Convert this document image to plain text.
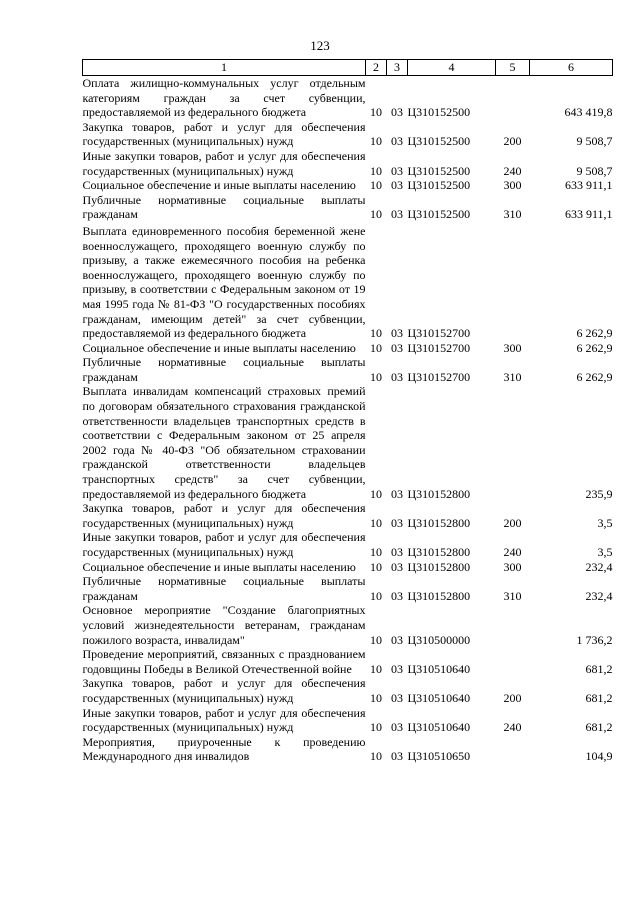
123
1	2	3	4	5	6
Оплата жилищно-коммунальных услуг отдельным категориям граждан за счет субвенции, предоставляемой из федерального бюджета	10	03	Ц310152500		643 419,8
Закупка товаров, работ и услуг для обеспечения государственных (муниципальных) нужд	10	03	Ц310152500	200	9 508,7
Иные закупки товаров, работ и услуг для обеспечения государственных (муниципальных) нужд	10	03	Ц310152500	240	9 508,7
Социальное обеспечение и иные выплаты населению	10	03	Ц310152500	300	633 911,1
Публичные нормативные социальные выплаты гражданам	10	03	Ц310152500	310	633 911,1
Выплата единовременного пособия беременной жене военнослужащего, проходящего военную службу по призыву, а также ежемесячного пособия на ребенка военнослужащего, проходящего военную службу по призыву, в соответствии с Федеральным законом от 19 мая 1995 года № 81-ФЗ "О государственных пособиях гражданам, имеющим детей" за счет субвенции, предоставляемой из федерального бюджета	10	03	Ц310152700		6 262,9
Социальное обеспечение и иные выплаты населению	10	03	Ц310152700	300	6 262,9
Публичные нормативные социальные выплаты гражданам	10	03	Ц310152700	310	6 262,9
Выплата инвалидам компенсаций страховых премий по договорам обязательного страхования гражданской ответственности владельцев транспортных средств в соответствии с Федеральным законом от 25 апреля 2002 года № 40-ФЗ "Об обязательном страховании гражданской ответственности владельцев транспортных средств" за счет субвенции, предоставляемой из федерального бюджета	10	03	Ц310152800		235,9
Закупка товаров, работ и услуг для обеспечения государственных (муниципальных) нужд	10	03	Ц310152800	200	3,5
Иные закупки товаров, работ и услуг для обеспечения государственных (муниципальных) нужд	10	03	Ц310152800	240	3,5
Социальное обеспечение и иные выплаты населению	10	03	Ц310152800	300	232,4
Публичные нормативные социальные выплаты гражданам	10	03	Ц310152800	310	232,4
Основное мероприятие "Создание благоприятных условий жизнедеятельности ветеранам, гражданам пожилого возраста, инвалидам"	10	03	Ц310500000		1 736,2
Проведение мероприятий, связанных с празднованием годовщины Победы в Великой Отечественной войне	10	03	Ц310510640		681,2
Закупка товаров, работ и услуг для обеспечения государственных (муниципальных) нужд	10	03	Ц310510640	200	681,2
Иные закупки товаров, работ и услуг для обеспечения государственных (муниципальных) нужд	10	03	Ц310510640	240	681,2
Мероприятия, приуроченные к проведению Международного дня инвалидов	10	03	Ц310510650		104,9
